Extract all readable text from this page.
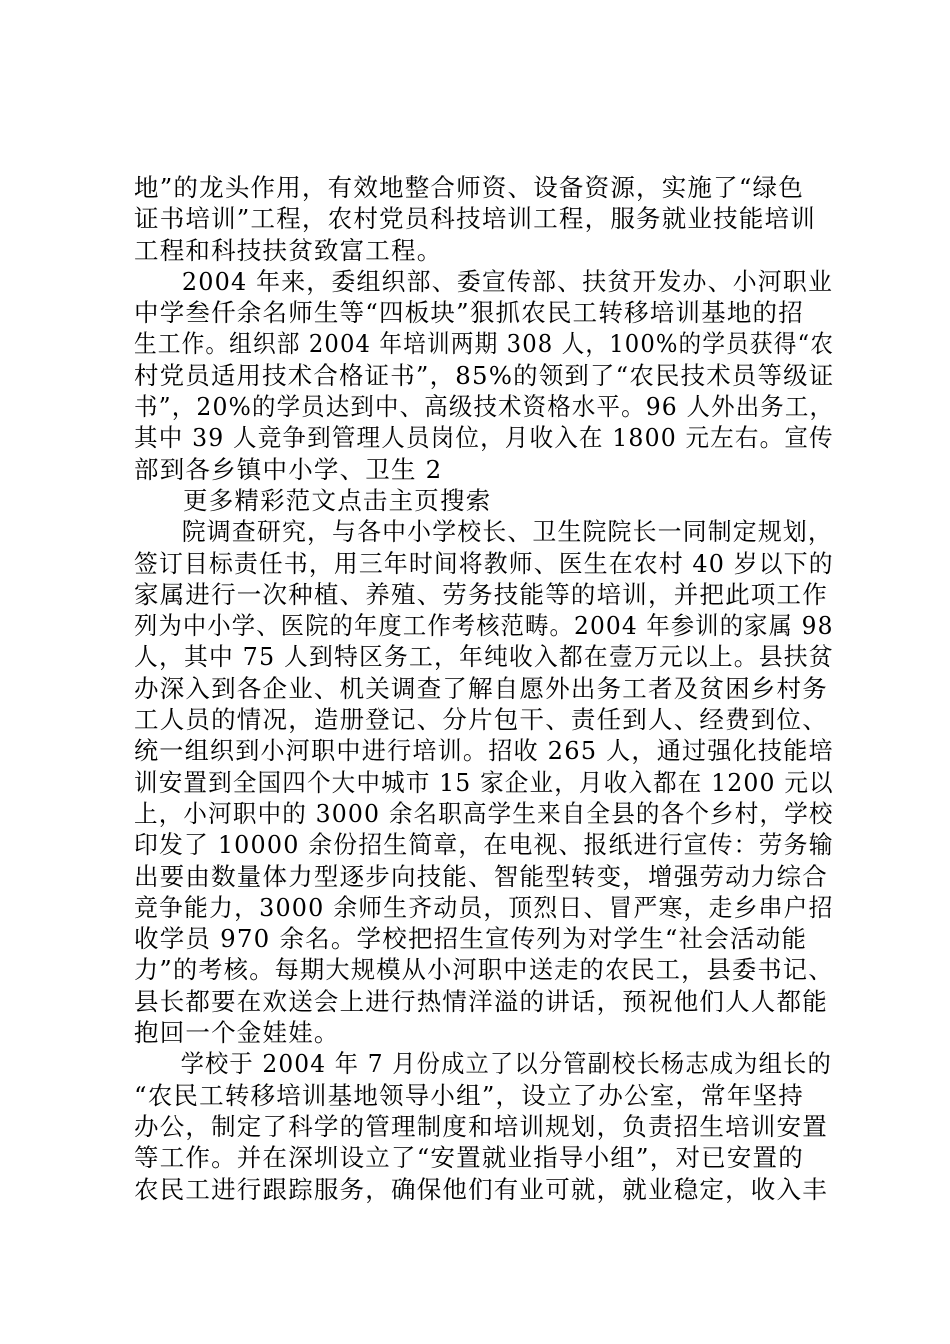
地”的龙头作用，有效地整合师资、设备资源，实施了“绿色
证书培训”工程，农村党员科技培训工程，服务就业技能培训
工程和科技扶贫致富工程。
2004 年来，委组织部、委宣传部、扶贫开发办、小河职业
中学叁仟余名师生等“四板块”狠抓农民工转移培训基地的招
生工作。组织部 2004 年培训两期 308 人，100%的学员获得“农
村党员适用技术合格证书”，85%的领到了“农民技术员等级证
书”，20%的学员达到中、高级技术资格水平。96 人外出务工，
其中 39 人竞争到管理人员岗位，月收入在 1800 元左右。宣传
部到各乡镇中小学、卫生 2
更多精彩范文点击主页搜索
院调查研究，与各中小学校长、卫生院院长一同制定规划，
签订目标责任书，用三年时间将教师、医生在农村 40 岁以下的
家属进行一次种植、养殖、劳务技能等的培训，并把此项工作
列为中小学、医院的年度工作考核范畴。2004 年参训的家属 98
人，其中 75 人到特区务工，年纯收入都在壹万元以上。县扶贫
办深入到各企业、机关调查了解自愿外出务工者及贫困乡村务
工人员的情况，造册登记、分片包干、责任到人、经费到位、
统一组织到小河职中进行培训。招收 265 人，通过强化技能培
训安置到全国四个大中城市 15 家企业，月收入都在 1200 元以
上，小河职中的 3000 余名职高学生来自全县的各个乡村，学校
印发了 10000 余份招生简章，在电视、报纸进行宣传：劳务输
出要由数量体力型逐步向技能、智能型转变，增强劳动力综合
竞争能力，3000 余师生齐动员，顶烈日、冒严寒，走乡串户招
收学员 970 余名。学校把招生宣传列为对学生“社会活动能
力”的考核。每期大规模从小河职中送走的农民工，县委书记、
县长都要在欢送会上进行热情洋溢的讲话，预祝他们人人都能
抱回一个金娃娃。
学校于 2004 年 7 月份成立了以分管副校长杨志成为组长的
“农民工转移培训基地领导小组”，设立了办公室，常年坚持
办公，制定了科学的管理制度和培训规划，负责招生培训安置
等工作。并在深圳设立了“安置就业指导小组”，对已安置的
农民工进行跟踪服务，确保他们有业可就，就业稳定，收入丰
